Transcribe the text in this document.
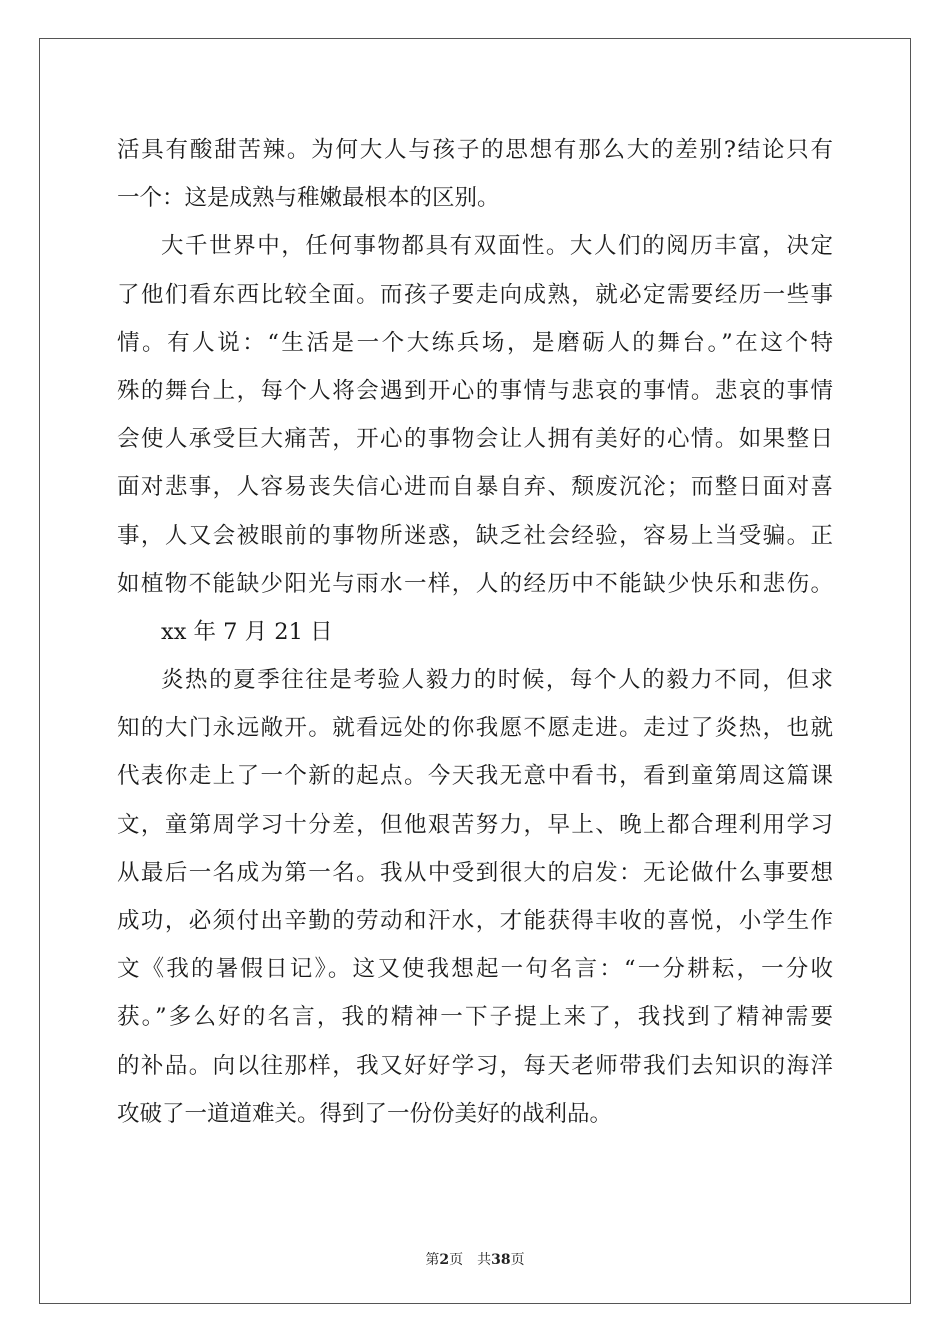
活具有酸甜苦辣。为何大人与孩子的思想有那么大的差别?结论只有
一个：这是成熟与稚嫩最根本的区别。
大千世界中，任何事物都具有双面性。大人们的阅历丰富，决定
了他们看东西比较全面。而孩子要走向成熟，就必定需要经历一些事
情。有人说：“生活是一个大练兵场，是磨砺人的舞台。”在这个特
殊的舞台上，每个人将会遇到开心的事情与悲哀的事情。悲哀的事情
会使人承受巨大痛苦，开心的事物会让人拥有美好的心情。如果整日
面对悲事，人容易丧失信心进而自暴自弃、颓废沉沦；而整日面对喜
事，人又会被眼前的事物所迷惑，缺乏社会经验，容易上当受骗。正
如植物不能缺少阳光与雨水一样，人的经历中不能缺少快乐和悲伤。
xx 年 7 月 21 日
炎热的夏季往往是考验人毅力的时候，每个人的毅力不同，但求
知的大门永远敞开。就看远处的你我愿不愿走进。走过了炎热，也就
代表你走上了一个新的起点。今天我无意中看书，看到童第周这篇课
文，童第周学习十分差，但他艰苦努力，早上、晚上都合理利用学习
从最后一名成为第一名。我从中受到很大的启发：无论做什么事要想
成功，必须付出辛勤的劳动和汗水，才能获得丰收的喜悦，小学生作
文《我的暑假日记》。这又使我想起一句名言：“一分耕耘，一分收
获。”多么好的名言，我的精神一下子提上来了，我找到了精神需要
的补品。向以往那样，我又好好学习，每天老师带我们去知识的海洋
攻破了一道道难关。得到了一份份美好的战利品。
第2页 共38页
